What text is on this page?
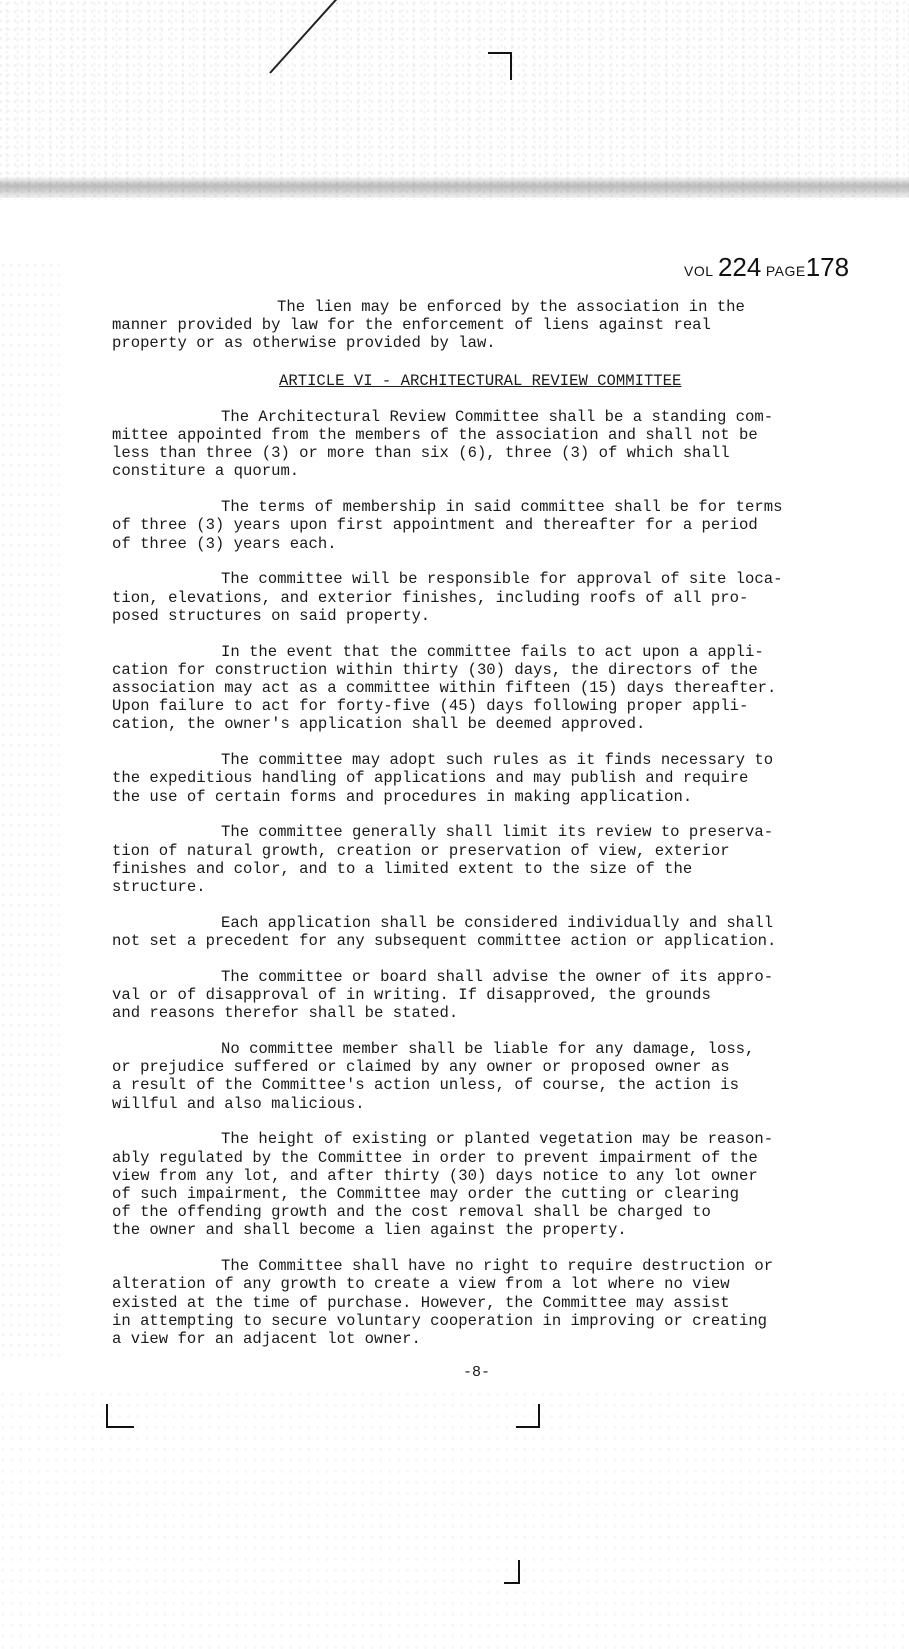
VOL 224 PAGE178

The lien may be enforced by the association in the
manner provided by law for the enforcement of liens against real
property or as otherwise provided by law.

ARTICLE VI - ARCHITECTURAL REVIEW COMMITTEE

The Architectural Review Committee shall be a standing com-
mittee appointed from the members of the association and shall not be
less than three (3) or more than six (6), three (3) of which shall
constiture a quorum.

The terms of membership in said committee shall be for terms
of three (3) years upon first appointment and thereafter for a period
of three (3) years each.

The committee will be responsible for approval of site loca-
tion, elevations, and exterior finishes, including roofs of all pro-
posed structures on said property.

In the event that the committee fails to act upon a appli-
cation for construction within thirty (30) days, the directors of the
association may act as a committee within fifteen (15) days thereafter.
Upon failure to act for forty-five (45) days following proper appli-
cation, the owner's application shall be deemed approved.

The committee may adopt such rules as it finds necessary to
the expeditious handling of applications and may publish and require
the use of certain forms and procedures in making application.

The committee generally shall limit its review to preserva-
tion of natural growth, creation or preservation of view, exterior
finishes and color, and to a limited extent to the size of the
structure.

Each application shall be considered individually and shall
not set a precedent for any subsequent committee action or application.

The committee or board shall advise the owner of its appro-
val or of disapproval of in writing. If disapproved, the grounds
and reasons therefor shall be stated.

No committee member shall be liable for any damage, loss,
or prejudice suffered or claimed by any owner or proposed owner as
a result of the Committee's action unless, of course, the action is
willful and also malicious.

The height of existing or planted vegetation may be reason-
ably regulated by the Committee in order to prevent impairment of the
view from any lot, and after thirty (30) days notice to any lot owner
of such impairment, the Committee may order the cutting or clearing
of the offending growth and the cost removal shall be charged to
the owner and shall become a lien against the property.

The Committee shall have no right to require destruction or
alteration of any growth to create a view from a lot where no view
existed at the time of purchase. However, the Committee may assist
in attempting to secure voluntary cooperation in improving or creating
a view for an adjacent lot owner.

-8-
